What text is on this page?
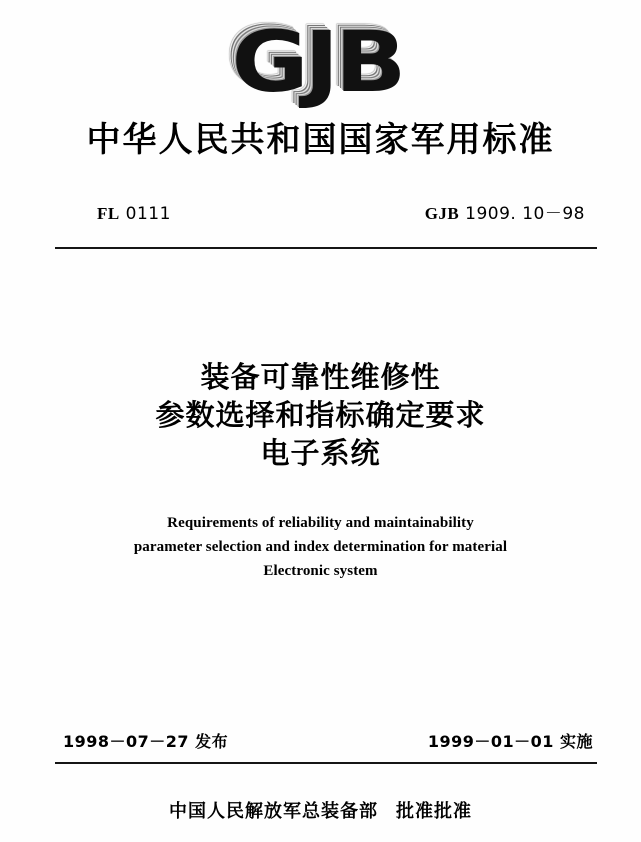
GJB
中华人民共和国国家军用标准
FL 0111	GJB 1909. 10－98
装备可靠性维修性
参数选择和指标确定要求
电子系统
Requirements of reliability and maintainability
parameter selection and index determination for material
Electronic system
1998－07－27 发布	1999－01－01 实施
中国人民解放军总装备部 批准批准
